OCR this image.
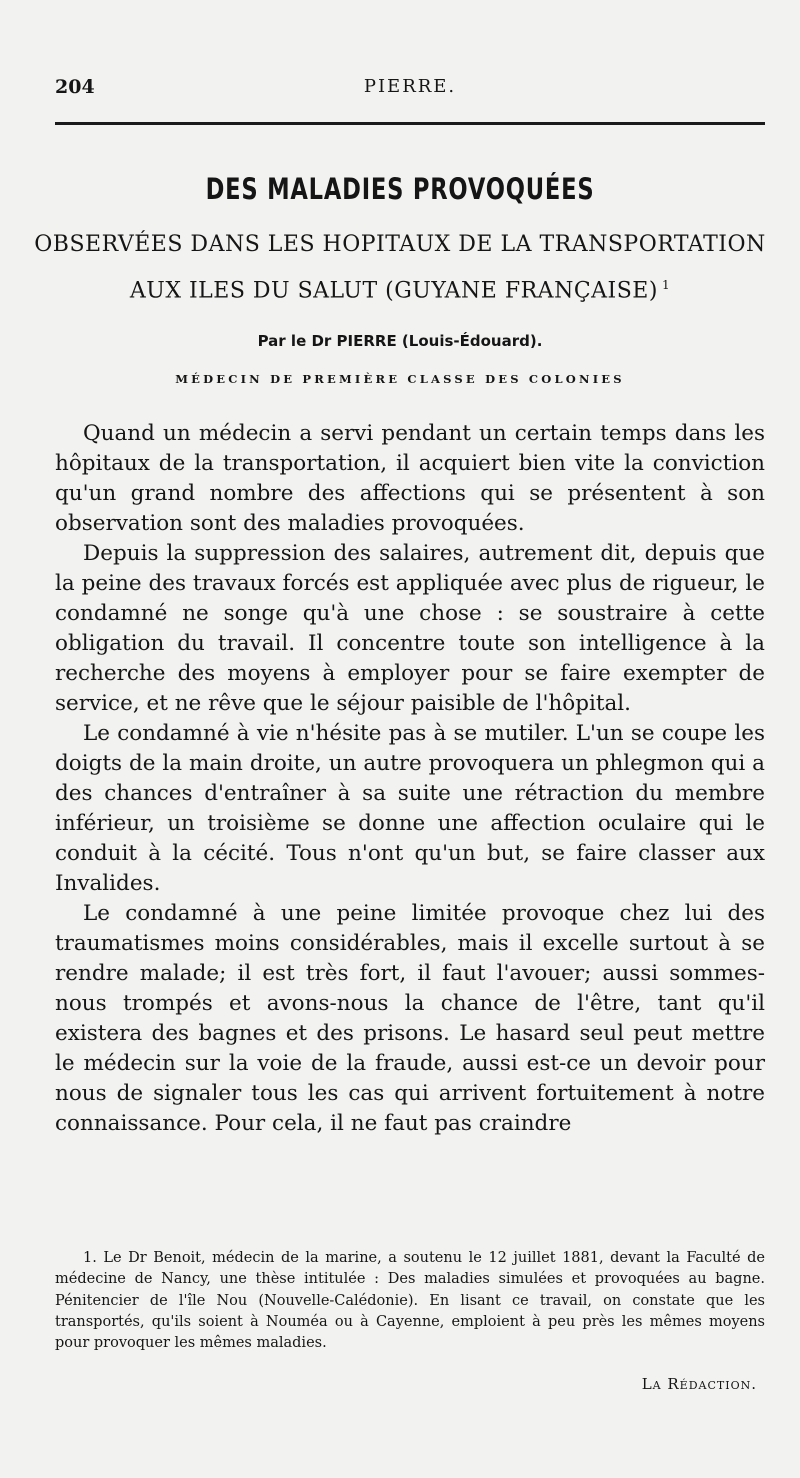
204	PIERRE.
DES MALADIES PROVOQUÉES
OBSERVÉES DANS LES HOPITAUX DE LA TRANSPORTATION
AUX ILES DU SALUT (GUYANE FRANÇAISE) $^1$
Par le Dr PIERRE (Louis-Édouard).
MÉDECIN DE PREMIÈRE CLASSE DES COLONIES

Quand un médecin a servi pendant un certain temps dans les hôpitaux de la transportation, il acquiert bien vite la conviction qu'un grand nombre des affections qui se présentent à son observation sont des maladies provoquées.

Depuis la suppression des salaires, autrement dit, depuis que la peine des travaux forcés est appliquée avec plus de rigueur, le condamné ne songe qu'à une chose : se soustraire à cette obligation du travail. Il concentre toute son intelligence à la recherche des moyens à employer pour se faire exempter de service, et ne rêve que le séjour paisible de l'hôpital.

Le condamné à vie n'hésite pas à se mutiler. L'un se coupe les doigts de la main droite, un autre provoquera un phlegmon qui a des chances d'entraîner à sa suite une rétraction du membre inférieur, un troisième se donne une affection oculaire qui le conduit à la cécité. Tous n'ont qu'un but, se faire classer aux Invalides.

Le condamné à une peine limitée provoque chez lui des traumatismes moins considérables, mais il excelle surtout à se rendre malade; il est très fort, il faut l'avouer; aussi sommes-nous trompés et avons-nous la chance de l'être, tant qu'il existera des bagnes et des prisons. Le hasard seul peut mettre le médecin sur la voie de la fraude, aussi est-ce un devoir pour nous de signaler tous les cas qui arrivent fortuitement à notre connaissance. Pour cela, il ne faut pas craindre

1. Le Dr Benoit, médecin de la marine, a soutenu le 12 juillet 1881, devant la Faculté de médecine de Nancy, une thèse intitulée : Des maladies simulées et provoquées au bagne. Pénitencier de l'île Nou (Nouvelle-Calédonie). En lisant ce travail, on constate que les transportés, qu'ils soient à Nouméa ou à Cayenne, emploient à peu près les mêmes moyens pour provoquer les mêmes maladies.

La Rédaction.
